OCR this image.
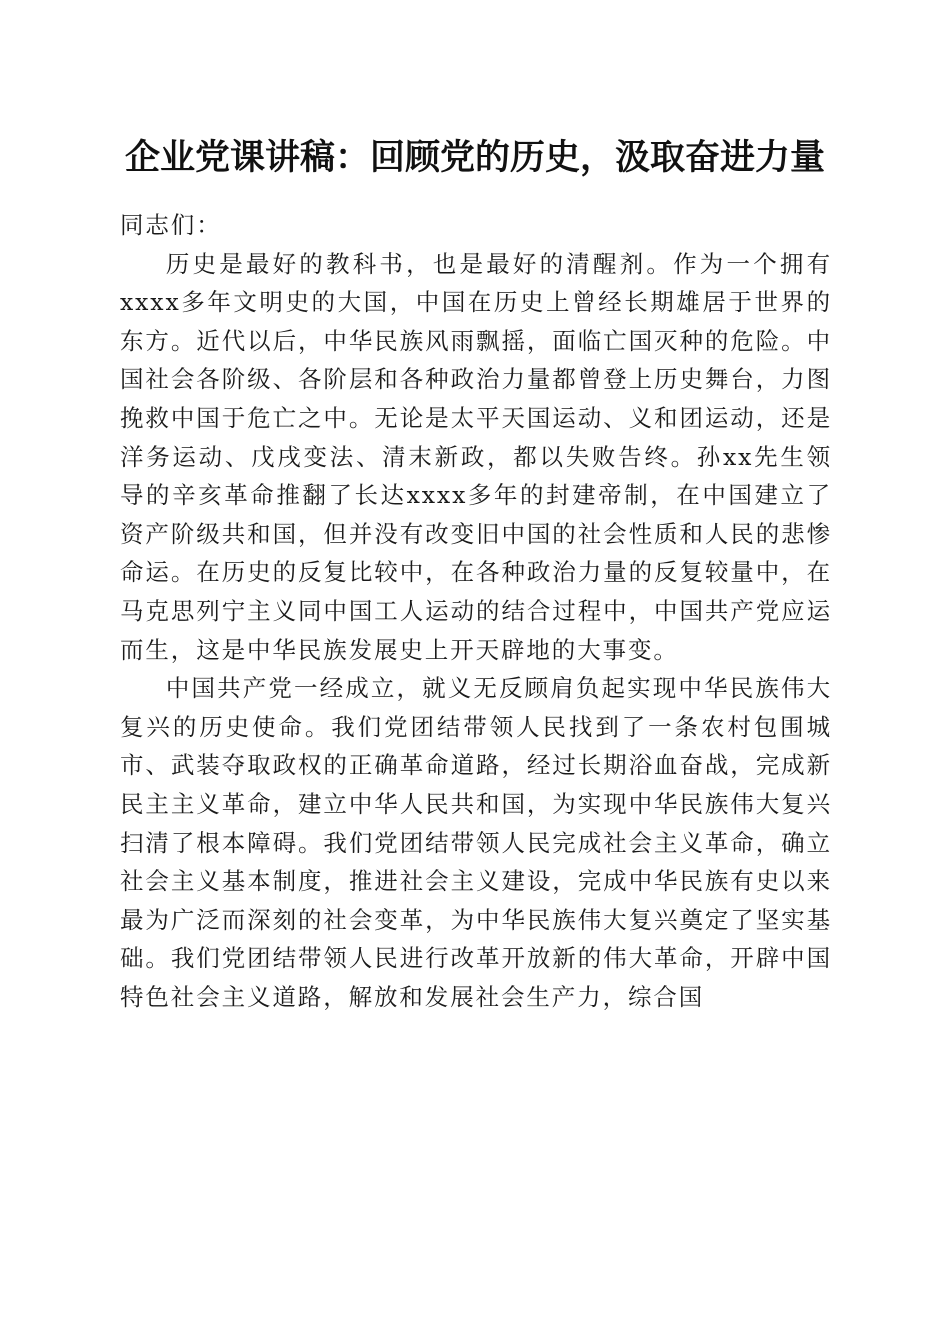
企业党课讲稿：回顾党的历史，汲取奋进力量

同志们：

历史是最好的教科书，也是最好的清醒剂。作为一个拥有xxxx多年文明史的大国，中国在历史上曾经长期雄居于世界的东方。近代以后，中华民族风雨飘摇，面临亡国灭种的危险。中国社会各阶级、各阶层和各种政治力量都曾登上历史舞台，力图挽救中国于危亡之中。无论是太平天国运动、义和团运动，还是洋务运动、戊戌变法、清末新政，都以失败告终。孙xx先生领导的辛亥革命推翻了长达xxxx多年的封建帝制，在中国建立了资产阶级共和国，但并没有改变旧中国的社会性质和人民的悲惨命运。在历史的反复比较中，在各种政治力量的反复较量中，在马克思列宁主义同中国工人运动的结合过程中，中国共产党应运而生，这是中华民族发展史上开天辟地的大事变。

中国共产党一经成立，就义无反顾肩负起实现中华民族伟大复兴的历史使命。我们党团结带领人民找到了一条农村包围城市、武装夺取政权的正确革命道路，经过长期浴血奋战，完成新民主主义革命，建立中华人民共和国，为实现中华民族伟大复兴扫清了根本障碍。我们党团结带领人民完成社会主义革命，确立社会主义基本制度，推进社会主义建设，完成中华民族有史以来最为广泛而深刻的社会变革，为中华民族伟大复兴奠定了坚实基础。我们党团结带领人民进行改革开放新的伟大革命，开辟中国特色社会主义道路，解放和发展社会生产力，综合国
